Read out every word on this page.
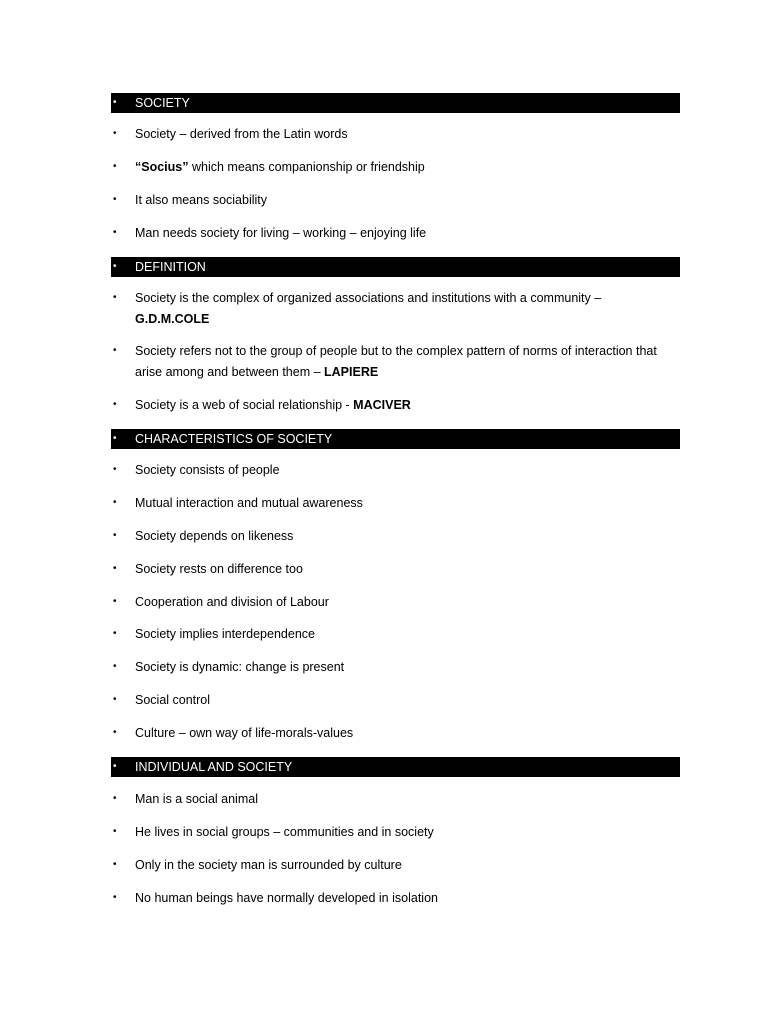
• SOCIETY
• Society – derived from the Latin words
• “Socius” which means companionship or friendship
• It also means sociability
• Man needs society for living – working – enjoying life
• DEFINITION
• Society is the complex of organized associations and institutions with a community –
G.D.M.COLE
• Society refers not to the group of people but to the complex pattern of norms of interaction that
arise among and between them – LAPIERE
• Society is a web of social relationship - MACIVER
• CHARACTERISTICS OF SOCIETY
• Society consists of people
• Mutual interaction and mutual awareness
• Society depends on likeness
• Society rests on difference too
• Cooperation and division of Labour
• Society implies interdependence
• Society is dynamic: change is present
• Social control
• Culture – own way of life-morals-values
• INDIVIDUAL AND SOCIETY
• Man is a social animal
• He lives in social groups – communities and in society
• Only in the society man is surrounded by culture
• No human beings have normally developed in isolation
